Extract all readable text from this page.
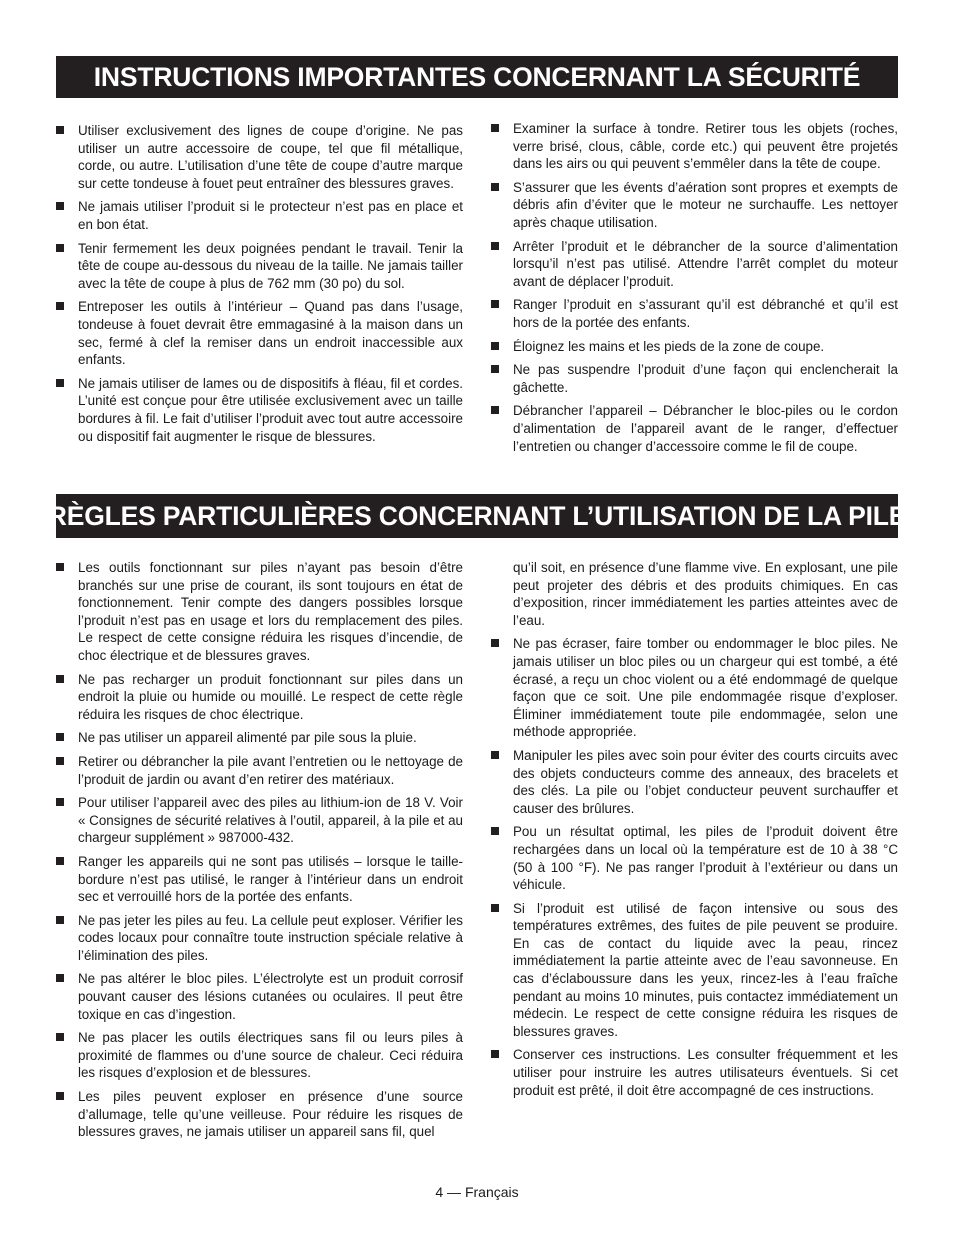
INSTRUCTIONS IMPORTANTES CONCERNANT LA SÉCURITÉ
Utiliser exclusivement des lignes de coupe d’origine. Ne pas utiliser un autre accessoire de coupe, tel que fil métallique, corde, ou autre. L’utilisation d’une tête de coupe d’autre marque sur cette tondeuse à fouet peut entraîner des blessures graves.
Ne jamais utiliser l’produit si le protecteur n’est pas en place et en bon état.
Tenir fermement les deux poignées pendant le travail. Tenir la tête de coupe au-dessous du niveau de la taille. Ne jamais tailler avec la tête de coupe à plus de 762 mm (30 po) du sol.
Entreposer les outils à l’intérieur – Quand pas dans l’usage, tondeuse à fouet devrait être emmagasiné à la maison dans un sec, fermé à clef la remiser dans un endroit inaccessible aux enfants.
Ne jamais utiliser de lames ou de dispositifs à fléau, fil et cordes. L’unité est conçue pour être utilisée exclusivement avec un taille bordures à fil. Le fait d’utiliser l’produit avec tout autre accessoire ou dispositif fait augmenter le risque de blessures.
Examiner la surface à tondre. Retirer tous les objets (roches, verre brisé, clous, câble, corde etc.) qui peuvent être projetés dans les airs ou qui peuvent s’emmêler dans la tête de coupe.
S’assurer que les évents d’aération sont propres et exempts de débris afin d’éviter que le moteur ne surchauffe. Les nettoyer après chaque utilisation.
Arrêter l’produit et le débrancher de la source d’alimentation lorsqu’il n’est pas utilisé. Attendre l’arrêt complet du moteur avant de déplacer l’produit.
Ranger l’produit en s’assurant qu’il est débranché et qu’il est hors de la portée des enfants.
Éloignez les mains et les pieds de la zone de coupe.
Ne pas suspendre l’produit d’une façon qui enclencherait la gâchette.
Débrancher l’appareil – Débrancher le bloc-piles ou le cordon d’alimentation de l’appareil avant de le ranger, d’effectuer l’entretien ou changer d’accessoire comme le fil de coupe.
RÈGLES PARTICULIÈRES CONCERNANT L’UTILISATION DE LA PILE
Les outils fonctionnant sur piles n’ayant pas besoin d’être branchés sur une prise de courant, ils sont toujours en état de fonctionnement. Tenir compte des dangers possibles lorsque l’produit n’est pas en usage et lors du remplacement des piles. Le respect de cette consigne réduira les risques d’incendie, de choc électrique et de blessures graves.
Ne pas recharger un produit fonctionnant sur piles dans un endroit la pluie ou humide ou mouillé. Le respect de cette règle réduira les risques de choc électrique.
Ne pas utiliser un appareil alimenté par pile sous la pluie.
Retirer ou débrancher la pile avant l’entretien ou le nettoyage de l’produit de jardin ou avant d’en retirer des matériaux.
Pour utiliser l’appareil avec des piles au lithium-ion de 18 V. Voir « Consignes de sécurité relatives à l’outil, appareil, à la pile et au chargeur supplément » 987000-432.
Ranger les appareils qui ne sont pas utilisés – lorsque le taille-bordure n’est pas utilisé, le ranger à l’intérieur dans un endroit sec et verrouillé hors de la portée des enfants.
Ne pas jeter les piles au feu. La cellule peut exploser. Vérifier les codes locaux pour connaître toute instruction spéciale relative à l’élimination des piles.
Ne pas altérer le bloc piles. L’électrolyte est un produit corrosif pouvant causer des lésions cutanées ou oculaires. Il peut être toxique en cas d’ingestion.
Ne pas placer les outils électriques sans fil ou leurs piles à proximité de flammes ou d’une source de chaleur. Ceci réduira les risques d’explosion et de blessures.
Les piles peuvent exploser en présence d’une source d’allumage, telle qu’une veilleuse. Pour réduire les risques de blessures graves, ne jamais utiliser un appareil sans fil, quel
qu’il soit, en présence d’une flamme vive. En explosant, une pile peut projeter des débris et des produits chimiques. En cas d’exposition, rincer immédiatement les parties atteintes avec de l’eau.
Ne pas écraser, faire tomber ou endommager le bloc piles. Ne jamais utiliser un bloc piles ou un chargeur qui est tombé, a été écrasé, a reçu un choc violent ou a été endommagé de quelque façon que ce soit. Une pile endommagée risque d’exploser. Éliminer immédiatement toute pile endommagée, selon une méthode appropriée.
Manipuler les piles avec soin pour éviter des courts circuits avec des objets conducteurs comme des anneaux, des bracelets et des clés. La pile ou l’objet conducteur peuvent surchauffer et causer des brûlures.
Pou un résultat optimal, les piles de l’produit doivent être rechargées dans un local où la température est de 10 à 38 °C (50 à 100 °F). Ne pas ranger l’produit à l’extérieur ou dans un véhicule.
Si l’produit est utilisé de façon intensive ou sous des températures extrêmes, des fuites de pile peuvent se produire. En cas de contact du liquide avec la peau, rincez immédiatement la partie atteinte avec de l’eau savonneuse. En cas d’éclaboussure dans les yeux, rincez-les à l’eau fraîche pendant au moins 10 minutes, puis contactez immédiatement un médecin. Le respect de cette consigne réduira les risques de blessures graves.
Conserver ces instructions. Les consulter fréquemment et les utiliser pour instruire les autres utilisateurs éventuels. Si cet produit est prêté, il doit être accompagné de ces instructions.
4 — Français
